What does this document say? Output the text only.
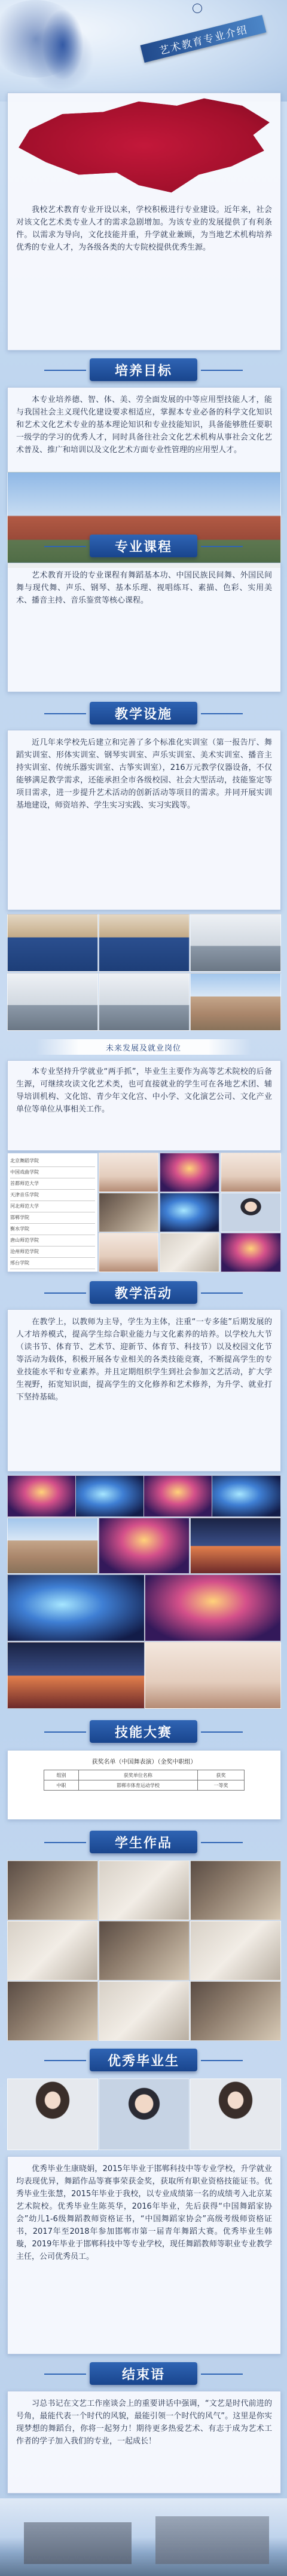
艺术教育专业介绍
我校艺术教育专业开设以来，学校积极进行专业建设。近年来，社会对该文化艺术类专业人才的需求急剧增加。为该专业的发展提供了有利条件。以需求为导向，文化技能并重，升学就业兼顾，为当地艺术机构培养优秀的专业人才，为各级各类的大专院校提供优秀生源。
培养目标
本专业培养德、智、体、美、劳全面发展的中等应用型技能人才，能与我国社会主义现代化建设要求相适应，掌握本专业必备的科学文化知识和艺术文化艺术专业的基本理论知识和专业技能知识，具备能够胜任要职一级学的学习的优秀人才，同时具备往社会文化艺术机构从事社会文化艺术普及、推广和培训以及文化艺术方面专业性管理的应用型人才。
专业课程
艺术教育开设的专业课程有舞蹈基本功、中国民族民间舞、外国民间舞与现代舞、声乐、钢琴、基本乐理、视唱练耳、素描、色彩、实用美术、播音主持、音乐鉴赏等核心课程。
教学设施
近几年来学校先后建立和完善了多个标准化实训室（第一报告厅、舞蹈实训室、形体实训室、钢琴实训室、声乐实训室、美术实训室、播音主持实训室、传统乐器实训室、古筝实训室），216万元教学仪器设备，不仅能够满足教学需求，还能承担全市各级校园、社会大型活动，技能鉴定等项目需求，进一步提升艺术活动的创新活动等项目的需求。并同开展实训基地建设，师资培养、学生实习实践、实习实践等。
未来发展及就业岗位
本专业坚持升学就业“两手抓”，毕业生主要作为高等艺术院校的后备生源，可继续攻读文化艺术类，也可直接就业的学生可在各地艺术团、辅导培训机构、文化馆、青少年文化宫、中小学、文化演艺公司、文化产业单位等单位从事相关工作。
北京舞蹈学院
中国戏曲学院
首都师范大学
天津音乐学院
河北师范大学
邯郸学院
衡水学院
唐山师范学院
沧州师范学院
邢台学院
教学活动
在教学上，以教师为主导，学生为主体，注重“一专多能”后期发展的人才培养模式，提高学生综合职业能力与文化素养的培养。以学校九大节（读书节、体育节、艺术节、迎新节、体育节、科技节）以及校园文化节等活动为载体，积极开展各专业相关的各类技能竞赛，不断提高学生的专业技能水平和专业素养。并且定期组织学生到社会参加文艺活动，扩大学生视野，拓宽知识面，提高学生的文化修养和艺术修养，为升学、就业打下坚持基础。
技能大赛
获奖名单（中国舞表演）（金奖中职组）
组别	获奖单位名称	获奖
中职	邯郸市体育运动学校	一等奖
学生作品
优秀毕业生
优秀毕业生康晓娟，2015年毕业于邯郸科技中等专业学校，升学就业均表现优异，舞蹈作品等赛事荣获金奖，获取所有职业资格技能证书。优秀毕业生张慧，2015年毕业于我校，以专业成绩第一名的成绩考入北京某艺术院校。优秀毕业生陈英华，2016年毕业，先后获得“中国舞蹈家协会”幼儿1-6级舞蹈教师资格证书，“中国舞蹈家协会”高级考级师资格证书，2017年至2018年参加邯郸市第一届青年舞蹈大赛。优秀毕业生韩璇，2019年毕业于邯郸科技中等专业学校，现任舞蹈教师等职业专业教学主任，公司优秀员工。
结束语
习总书记在文艺工作座谈会上的重要讲话中强调，“文艺是时代前进的号角，最能代表一个时代的风貌，最能引领一个时代的风气”。这里是你实现梦想的舞蹈台，你将一起努力！期待更多热爱艺术、有志于成为艺术工作者的学子加入我们的专业，一起成长！
